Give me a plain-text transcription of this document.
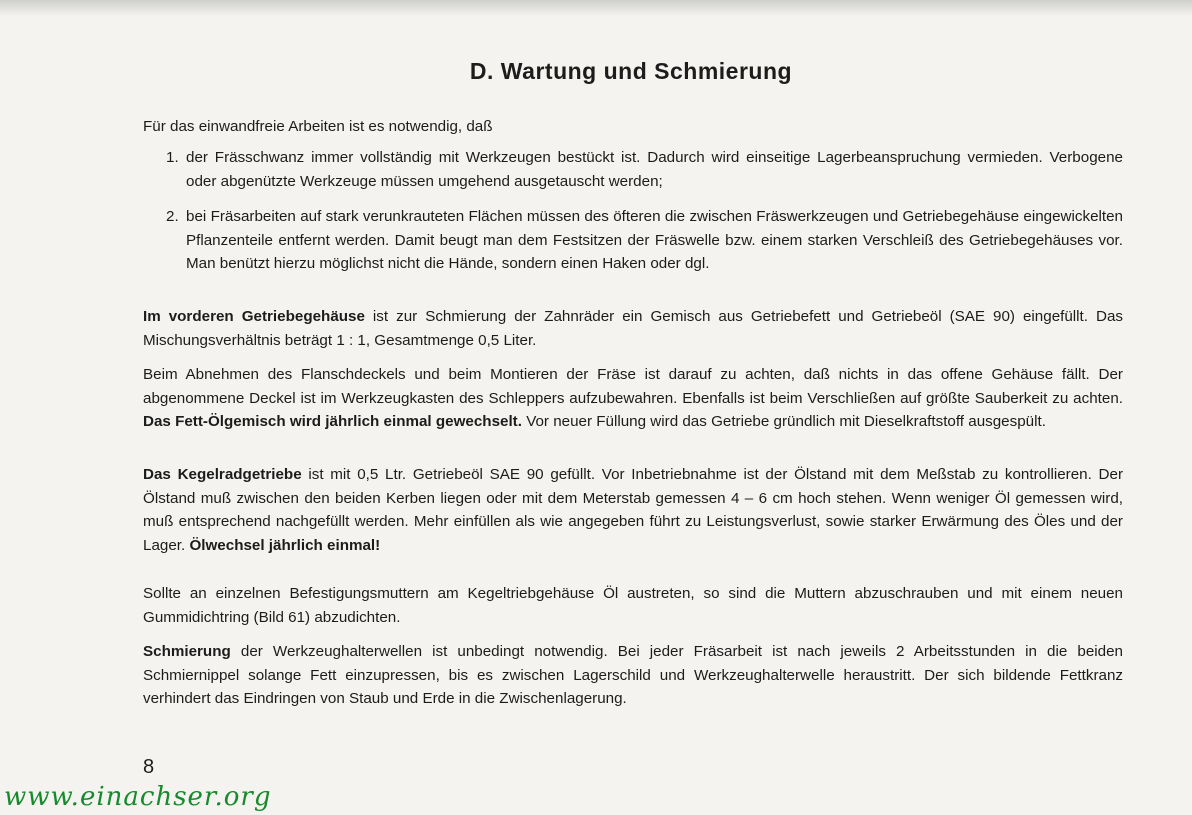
D. Wartung und Schmierung
Für das einwandfreie Arbeiten ist es notwendig, daß
1. der Frässchwanz immer vollständig mit Werkzeugen bestückt ist. Dadurch wird einseitige Lagerbeanspruchung vermieden. Verbogene oder abgenützte Werkzeuge müssen umgehend ausgetauscht werden;
2. bei Fräsarbeiten auf stark verunkrauteten Flächen müssen des öfteren die zwischen Fräswerkzeugen und Getriebegehäuse eingewickelten Pflanzenteile entfernt werden. Damit beugt man dem Festsitzen der Fräswelle bzw. einem starken Verschleiß des Getriebegehäuses vor. Man benützt hierzu möglichst nicht die Hände, sondern einen Haken oder dgl.
Im vorderen Getriebegehäuse ist zur Schmierung der Zahnräder ein Gemisch aus Getriebefett und Getriebeöl (SAE 90) eingefüllt. Das Mischungsverhältnis beträgt 1 : 1, Gesamtmenge 0,5 Liter.
Beim Abnehmen des Flanschdeckels und beim Montieren der Fräse ist darauf zu achten, daß nichts in das offene Gehäuse fällt. Der abgenommene Deckel ist im Werkzeugkasten des Schleppers aufzubewahren. Ebenfalls ist beim Verschließen auf größte Sauberkeit zu achten. Das Fett-Ölgemisch wird jährlich einmal gewechselt. Vor neuer Füllung wird das Getriebe gründlich mit Dieselkraftstoff ausgespült.
Das Kegelradgetriebe ist mit 0,5 Ltr. Getriebeöl SAE 90 gefüllt. Vor Inbetriebnahme ist der Ölstand mit dem Meßstab zu kontrollieren. Der Ölstand muß zwischen den beiden Kerben liegen oder mit dem Meterstab gemessen 4 – 6 cm hoch stehen. Wenn weniger Öl gemessen wird, muß entsprechend nachgefüllt werden. Mehr einfüllen als wie angegeben führt zu Leistungsverlust, sowie starker Erwärmung des Öles und der Lager. Ölwechsel jährlich einmal!
Sollte an einzelnen Befestigungsmuttern am Kegeltriebgehäuse Öl austreten, so sind die Muttern abzuschrauben und mit einem neuen Gummidichtring (Bild 61) abzudichten.
Schmierung der Werkzeughalterwellen ist unbedingt notwendig. Bei jeder Fräsarbeit ist nach jeweils 2 Arbeitsstunden in die beiden Schmiernippel solange Fett einzupressen, bis es zwischen Lagerschild und Werkzeughalterwelle heraustritt. Der sich bildende Fettkranz verhindert das Eindringen von Staub und Erde in die Zwischenlagerung.
8
www.einachser.org
